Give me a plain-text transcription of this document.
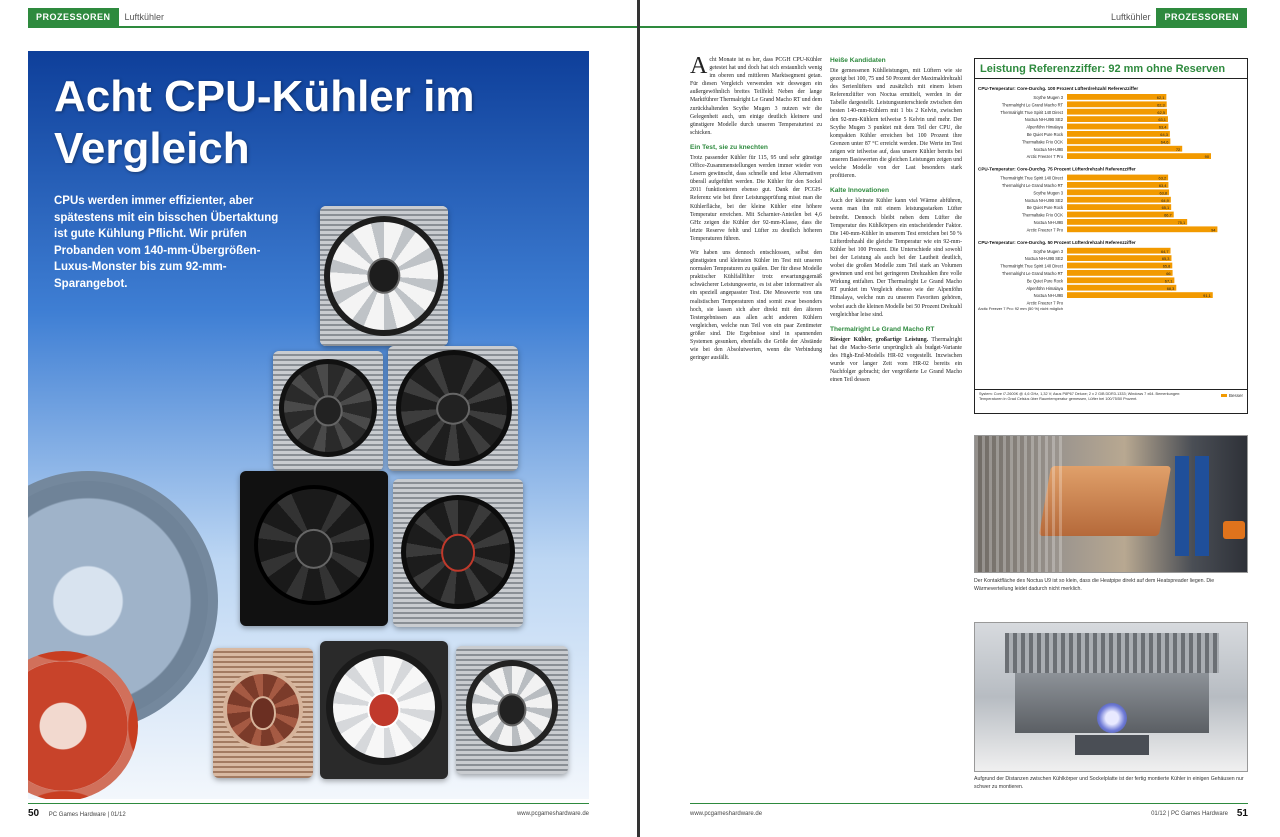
PROZESSOREN Luftkühler
Acht CPU-Kühler im Vergleich

CPUs werden immer effizienter, aber spätestens mit ein bisschen Übertaktung ist gute Kühlung Pflicht. Wir prüfen Probanden vom 140-mm-Übergrößen-Luxus-Monster bis zum 92-mm-Sparangebot.

50 PC Games Hardware | 01/12	www.pcgameshardware.de
Luftkühler PROZESSOREN

Acht Monate ist es her, dass PCGH CPU-Kühler getestet hat und doch hat sich erstaunlich wenig im oberen und mittleren Marktsegment getan. Für diesen Vergleich verwenden wir deswegen ein außergewöhnlich breites Teilfeld: Neben der lange Marktführer Thermalright Le Grand Macho RT und dem zurückhaltenden Scythe Mugen 3 nutzen wir die Gelegenheit auch, um einige deutlich kleinere und günstigere Modelle durch unseren Temperaturtest zu schicken.

Ein Test, sie zu knechten

Trotz passender Kühler für 115, 95 und sehr günstige Office-Zusammenstellungen werden immer wieder von Lesern gewünscht, dass schnelle und leise Alternativen überall aufgeführt werden. Die Kühler für den Sockel 2011 funktionieren ebenso gut. Dank der PCGH-Referenz wie bei ihrer Leistungsprüfung misst man die Kühlerfläche, bei der kleine Kühler eine höhere Temperatur erreichen. Mit Scharnier-Anteilen bei 4,6 GHz zeigen die Kühler der 92-mm-Klasse, dass die letzte Reserve fehlt und Lüfter zu deutlich höheren Temperaturen führen.

Wir haben uns dennoch entschlossen, selbst den günstigsten und kleinsten Kühler im Test mit unseren normalen Tempraturen zu quälen. Der für diese Modelle praktischer Kühlfallfilter trotz erwartungsgemäß schwächerer Leistungswerte, es ist aber informativer als ein speziell angepasster Test. Die Messwerte von uns realistischen Temperaturen sind somit zwar besonders hoch, sie lassen sich aber direkt mit den älteren Testergebnissen aus allen acht anderen Kühlern vergleichen, welche nun Teil von ein paar Zentimeter größer sind. Die Ergebnisse sind in spannenden Systemen gesunken, ebenfalls die Größe der Abstände wie bei den Absolutwerten, wenn die Verbindung geringer ausfällt.

Heiße Kandidaten

Die gemessenen Kühlleistungen, mit Lüftern wie sie gezeigt bei 100, 75 und 50 Prozent der Maximaldrehzahl des Serienlüfters und zusätzlich mit einem leisen Referenzlüfter von Noctua ermittelt, werden in der Tabelle dargestellt. Leistungsunterschiede zwischen den besten 140-mm-Kühlern mit 1 bis 2 Kelvin, zwischen den 92-mm-Kühlern teilweise 5 Kelvin und mehr. Der Scythe Mugen 3 punktet mit dem Teil der CPU, die kompakten Kühler erreichen bei 100 Prozent ihre Grenzen unter 87 °C erreicht werden. Die Werte im Test zeigen wir teilweise auf, dass unsere Kühler bereits bei unseren Basiswerten die gleichen Leistungen zeigen und welche Modelle von der Last besonders stark profitieren.

Kalte Innovationen

Auch der kleinste Kühler kann viel Wärme abführen, wenn man ihn mit einem leistungsstarken Lüfter betreibt. Dennoch bleibt neben dem Lüfter die Temperatur des Kühlkörpers ein entscheidender Faktor. Die 140-mm-Kühler in unserem Test erreichen bei 50 % Lüfterdrehzahl die gleiche Temperatur wie ein 92-mm-Kühler bei 100 Prozent. Die Unterschiede sind sowohl bei der Leistung als auch bei der Lautheit deutlich, wobei die großen Modelle zum Teil stark an Volumen gewinnen und erst bei geringeren Drehzahlen ihre volle Wirkung entfalten. Der Thermalright Le Grand Macho RT punktet im Vergleich ebenso wie der Alpenföhn Himalaya, welche nun zu unseren Favoriten gehören, wobei auch die kleinen Modelle bei 50 Prozent Drehzahl vergleichbar leise sind.

Thermalright Le Grand Macho RT

Riesiger Kühler, großartige Leistung. Thermalright hat die Macho-Serie ursprünglich als budget-Variante des High-End-Modells HR-02 vorgestellt. Inzwischen wurde vor langer Zeit vom HR-02 bereits ein Nachfolger gebracht; der vergrößerte Le Grand Macho einen Teil dessen

Leistung Referenzziffer: 92 mm ohne Reserven
CPU-Temperatur: Core-Durchg. 100 Prozent Lüfterdrehzahl Referenzziffer
Scythe Mugen 3	62,1
Thermalright Le Grand Macho RT	62,3
Thermalright True Spirit 140 Direct	62,5
Noctua NH-U9B SE2	63,1
Alpenföhn Himalaya	63,4
Be Quiet Pure Rock	64,3
Thermaltake Frio OCK	64,6
Noctua NH-U9B	72
Arctic Freezer 7 Pro	90
CPU-Temperatur: Core-Durchg. 75 Prozent Lüfterdrehzahl Referenzziffer
Thermalright True Spirit 140 Direct	63,2
Thermalright Le Grand Macho RT	63,4
Scythe Mugen 3	63,8
Noctua NH-U9B SE2	64,9
Be Quiet Pure Rock	65,1
Thermaltake Frio OCK	66,7
Noctua NH-U9B	75,1
Arctic Freezer 7 Pro	94
CPU-Temperatur: Core-Durchg. 50 Prozent Lüfterdrehzahl Referenzziffer
Scythe Mugen 3	64,7
Noctua NH-U9B SE2	65,3
Thermalright True Spirit 140 Direct	65,8
Thermalright Le Grand Macho RT	66
Be Quiet Pure Rock	67,1
Alpenföhn Himalaya	68,3
Noctua NH-U9B	91,1
Arctic Freezer 7 Pro
Arctic Freezer 7 Pro: 92 mm (50 %) nicht möglich
System: Core i7-2600K @ 4,6 GHz, 1,32 V; Asus P8P67 Deluxe; 2 x 2 GiB DDR3-1333; Windows 7 x64. Bemerkungen: Temperaturen in Grad Celsius über Raumtemperatur gemessen, Lüfter bei 100/75/50 Prozent.
Besser
Der Kontaktfläche des Noctua U9 ist so klein, dass die Heatpipe direkt auf dem Heatspreader liegen. Die Wärmeverteilung leidet dadurch nicht merklich.
Aufgrund der Distanzen zwischen Kühlkörper und Sockelplatte ist der fertig montierte Kühler in einigen Gehäusen nur schwer zu montieren.
www.pcgameshardware.de	01/12 | PC Games Hardware 51
